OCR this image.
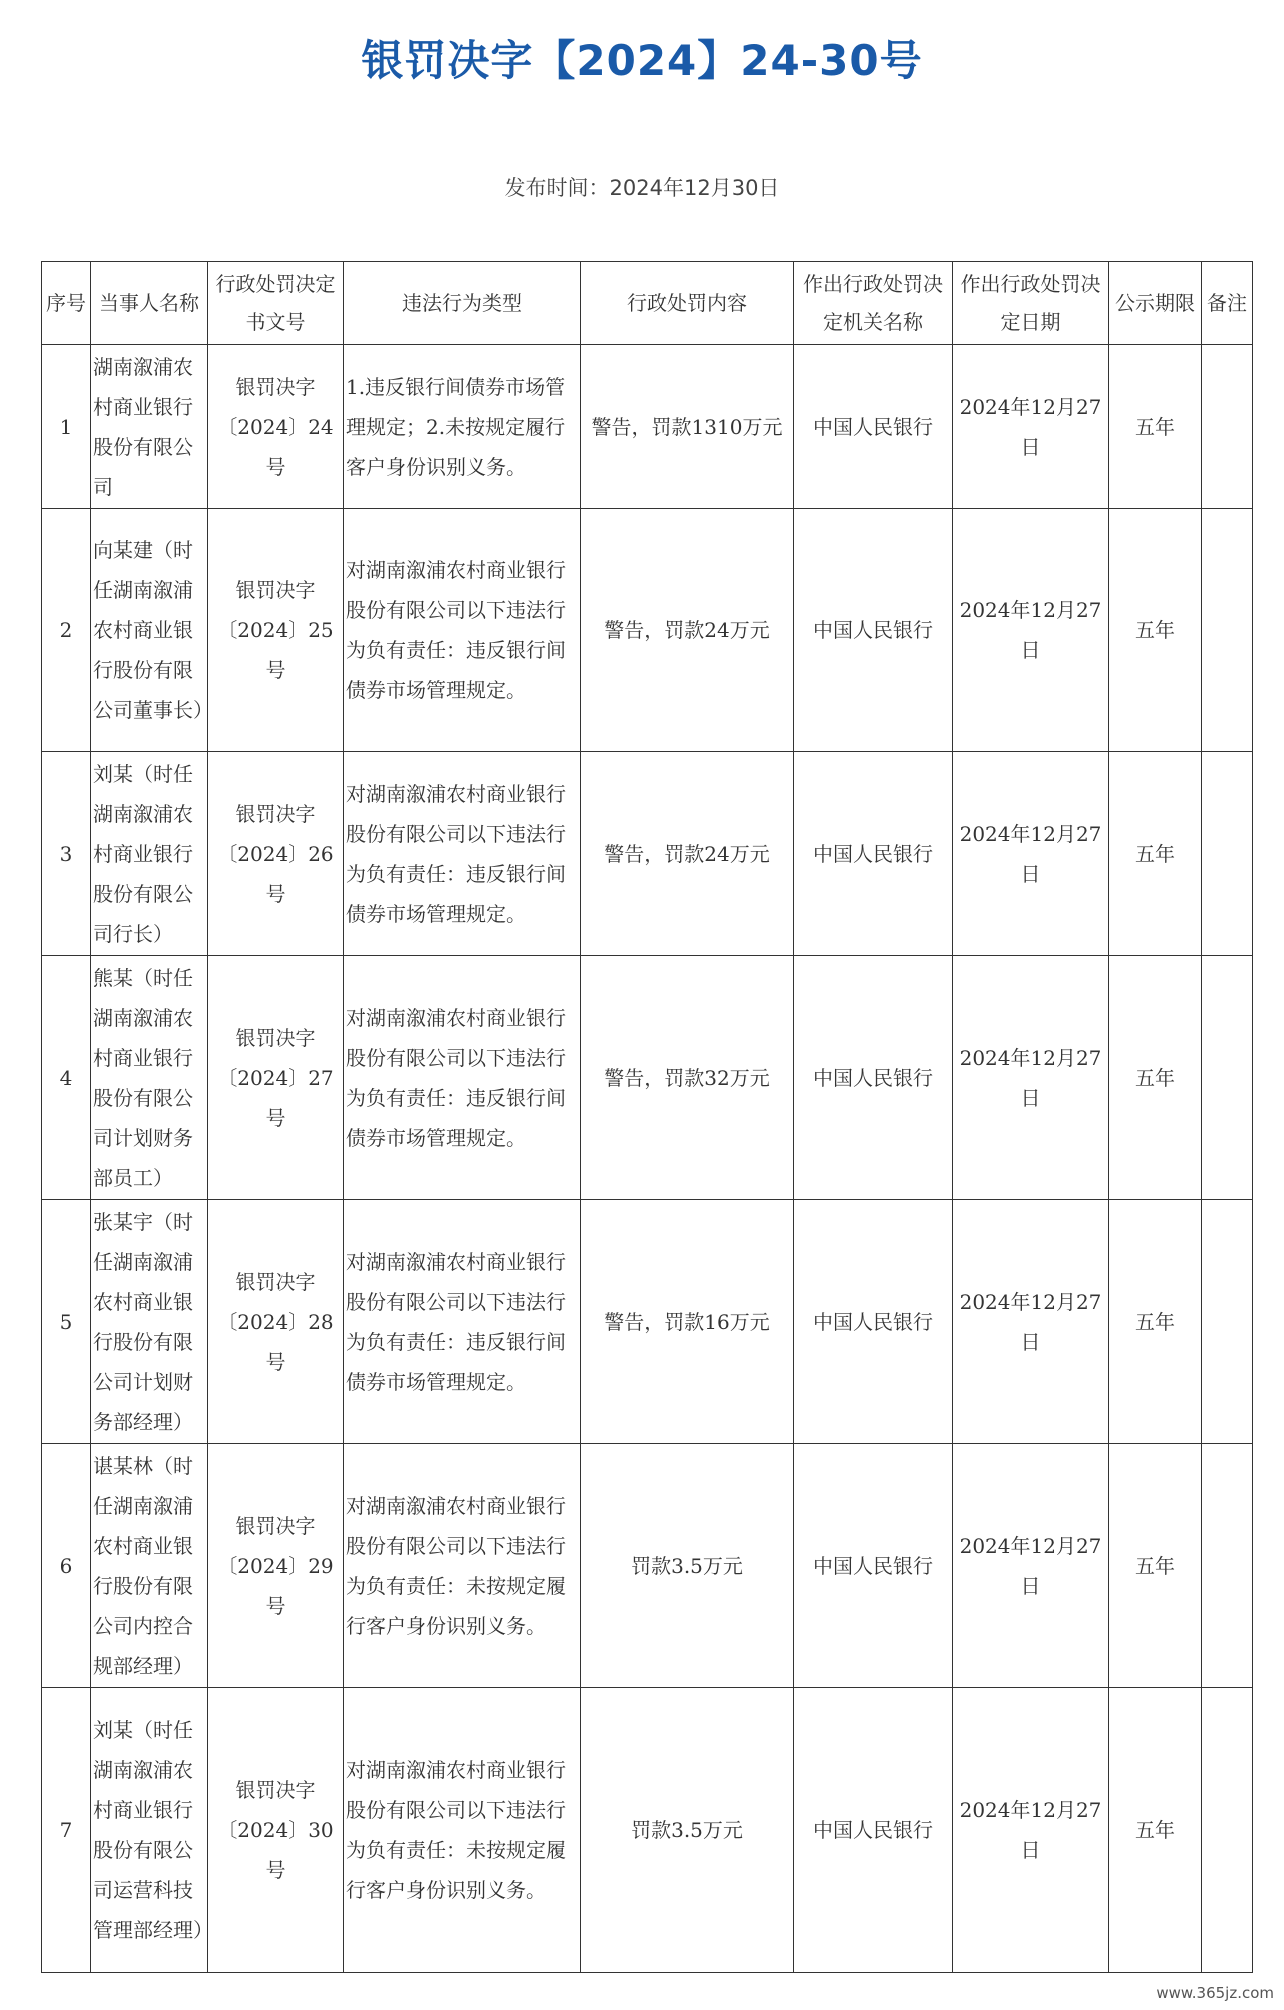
银罚决字【2024】24-30号
发布时间：2024年12月30日
序号	当事人名称	行政处罚决定书文号	违法行为类型	行政处罚内容	作出行政处罚决定机关名称	作出行政处罚决定日期	公示期限	备注
1	湖南溆浦农村商业银行股份有限公司	银罚决字〔2024〕24号	1.违反银行间债券市场管理规定；2.未按规定履行客户身份识别义务。	警告，罚款1310万元	中国人民银行	2024年12月27日	五年	
2	向某建（时任湖南溆浦农村商业银行股份有限公司董事长）	银罚决字〔2024〕25号	对湖南溆浦农村商业银行股份有限公司以下违法行为负有责任：违反银行间债券市场管理规定。	警告，罚款24万元	中国人民银行	2024年12月27日	五年	
3	刘某（时任湖南溆浦农村商业银行股份有限公司行长）	银罚决字〔2024〕26号	对湖南溆浦农村商业银行股份有限公司以下违法行为负有责任：违反银行间债券市场管理规定。	警告，罚款24万元	中国人民银行	2024年12月27日	五年	
4	熊某（时任湖南溆浦农村商业银行股份有限公司计划财务部员工）	银罚决字〔2024〕27号	对湖南溆浦农村商业银行股份有限公司以下违法行为负有责任：违反银行间债券市场管理规定。	警告，罚款32万元	中国人民银行	2024年12月27日	五年	
5	张某宇（时任湖南溆浦农村商业银行股份有限公司计划财务部经理）	银罚决字〔2024〕28号	对湖南溆浦农村商业银行股份有限公司以下违法行为负有责任：违反银行间债券市场管理规定。	警告，罚款16万元	中国人民银行	2024年12月27日	五年	
6	谌某林（时任湖南溆浦农村商业银行股份有限公司内控合规部经理）	银罚决字〔2024〕29号	对湖南溆浦农村商业银行股份有限公司以下违法行为负有责任：未按规定履行客户身份识别义务。	罚款3.5万元	中国人民银行	2024年12月27日	五年	
7	刘某（时任湖南溆浦农村商业银行股份有限公司运营科技管理部经理）	银罚决字〔2024〕30号	对湖南溆浦农村商业银行股份有限公司以下违法行为负有责任：未按规定履行客户身份识别义务。	罚款3.5万元	中国人民银行	2024年12月27日	五年	
www.365jz.com
